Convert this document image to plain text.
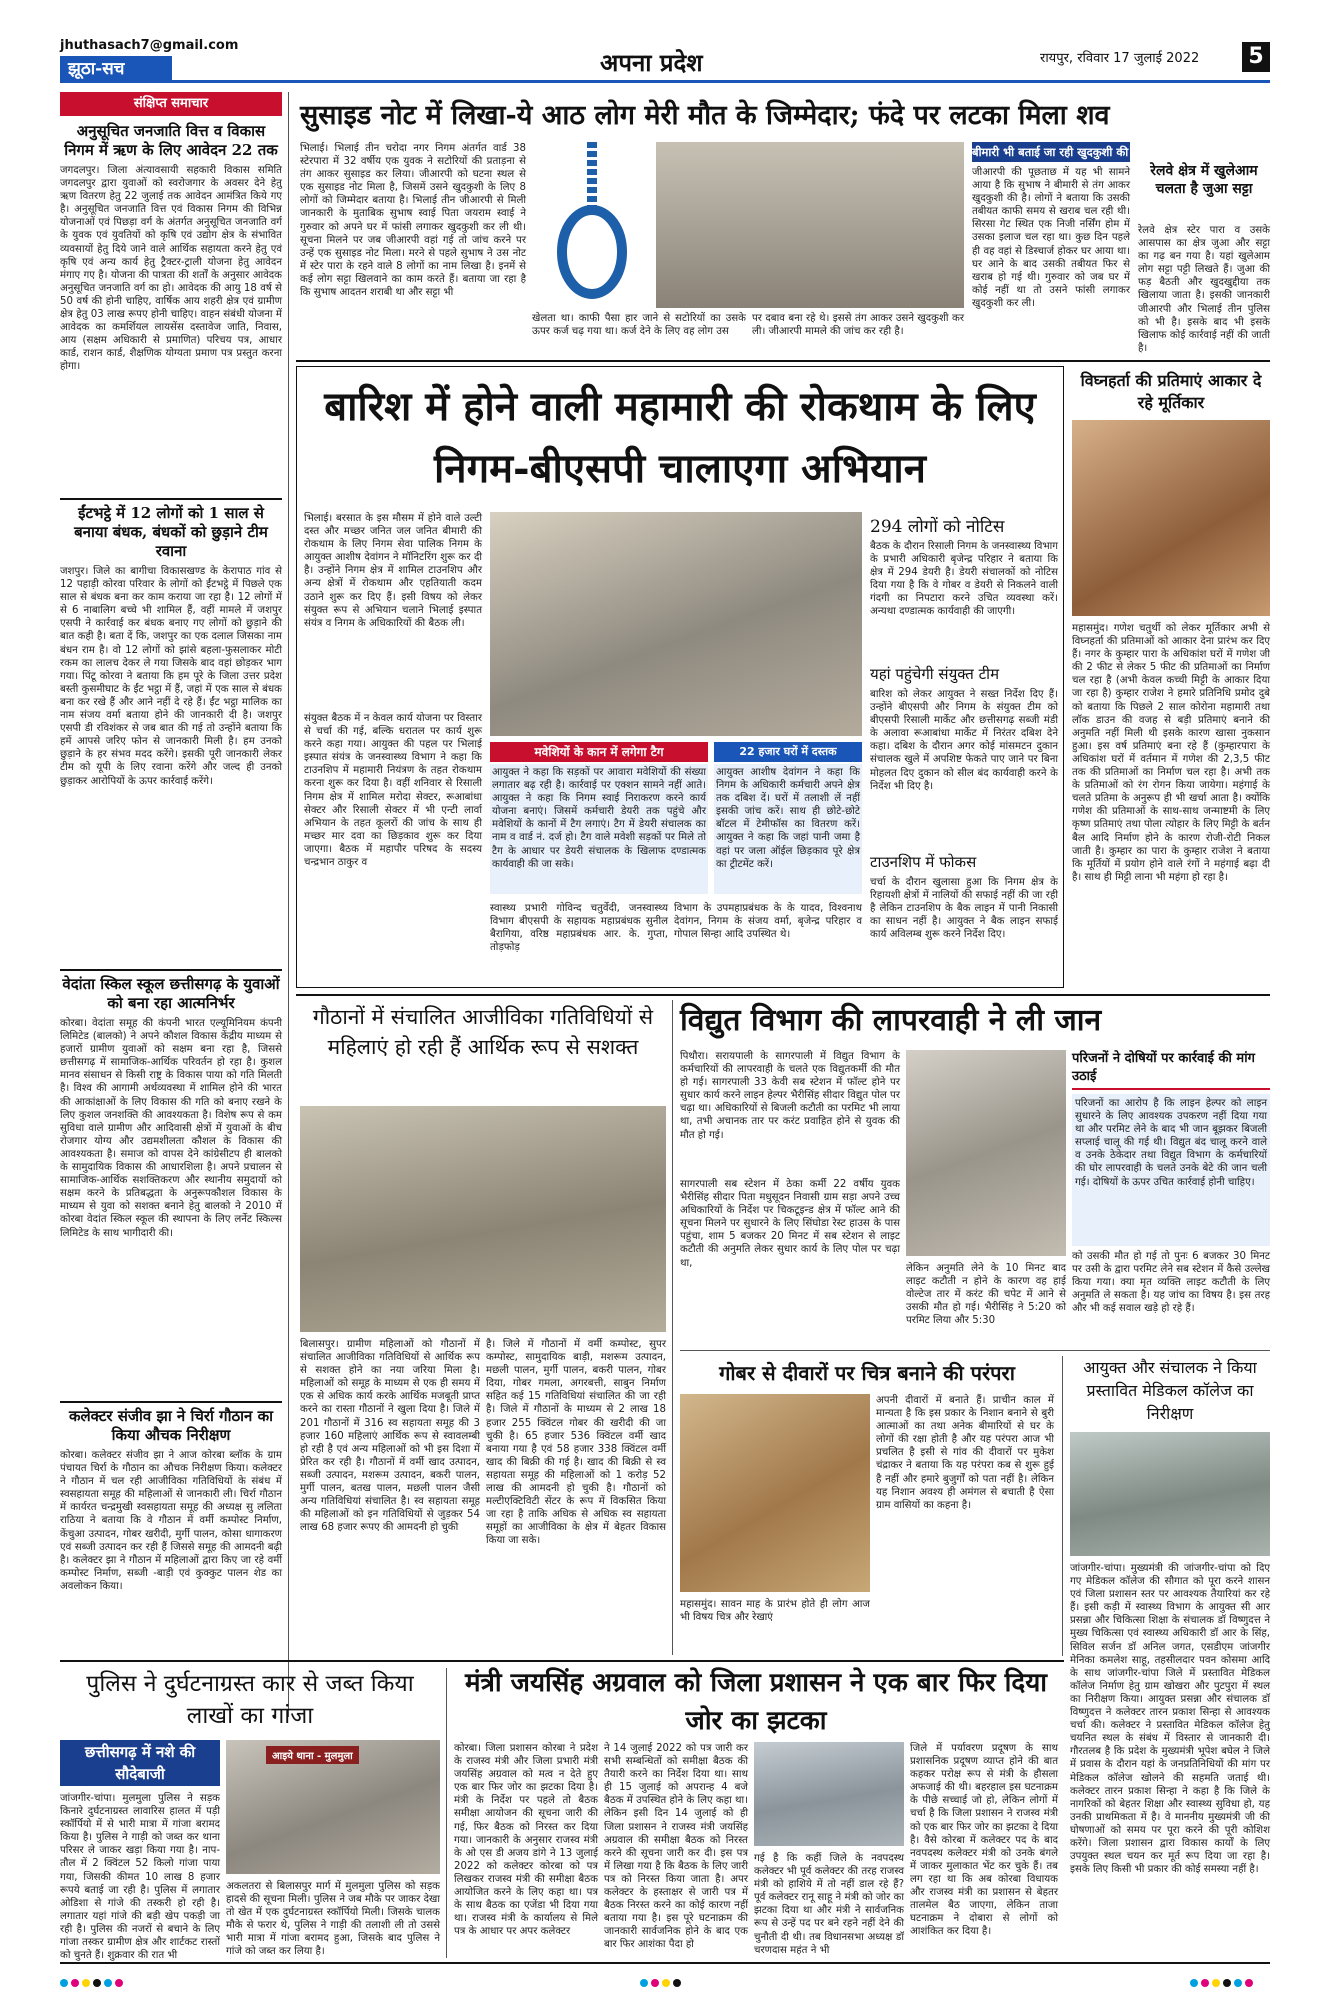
jhuthasach7@gmail.com
झूठा-सच	अपना प्रदेश	रायपुर, रविवार 17 जुलाई 2022 5
संक्षिप्त समाचार
अनुसूचित जनजाति वित्त व विकास निगम में ऋण के लिए आवेदन 22 तक
जगदलपुर। जिला अंत्यावसायी सहकारी विकास समिति जगदलपुर द्वारा युवाओं को स्वरोजगार के अवसर देने हेतु ऋण वितरण हेतु 22 जुलाई तक आवेदन आमंत्रित किये गए है। अनुसूचित जनजाति वित्त एवं विकास निगम की विभिन्न योजनाओं एवं पिछड़ा वर्ग के अंतर्गत अनुसूचित जनजाति वर्ग के युवक एवं युवतियों को कृषि एवं उद्योग क्षेत्र के संभावित व्यवसायों हेतु दिये जाने वाले आर्थिक सहायता करने हेतु एवं कृषि एवं अन्य कार्य हेतु ट्रैक्टर-ट्राली योजना हेतु आवेदन मंगाए गए है। योजना की पात्रता की शर्तों के अनुसार आवेदक अनुसूचित जनजाति वर्ग का हो। आवेदक की आयु 18 वर्ष से 50 वर्ष की होनी चाहिए, वार्षिक आय शहरी क्षेत्र एवं ग्रामीण क्षेत्र हेतु 03 लाख रूपए होनी चाहिए। वाहन संबंधी योजना में आवेदक का कमर्शियल लायसेंस दस्तावेज जाति, निवास, आय (सक्षम अधिकारी से प्रमाणित) परिचय पत्र, आधार कार्ड, राशन कार्ड, शैक्षणिक योग्यता प्रमाण पत्र प्रस्तुत करना होगा।
ईंटभट्ठे में 12 लोगों को 1 साल से बनाया बंधक, बंधकों को छुड़ाने टीम रवाना
जशपुर। जिले का बागीचा विकासखण्ड के केरापाठ गांव से 12 पहाड़ी कोरवा परिवार के लोगों को ईंटभट्ठे में पिछले एक साल से बंधक बना कर काम कराया जा रहा है। 12 लोगों में से 6 नाबालिग बच्चे भी शामिल हैं, वहीं मामले में जशपुर एसपी ने कार्रवाई कर बंधक बनाए गए लोगों को छुड़ाने की बात कही है। बता दें कि, जशपुर का एक दलाल जिसका नाम बंधन राम है। वो 12 लोगों को झांसे बहला-फुसलाकर मोटी रकम का लालच देकर ले गया जिसके बाद वहां छोड़कर भाग गया। पिंटू कोरवा ने बताया कि हम पूरे के जिला उत्तर प्रदेश बस्ती कुसमीघाट के ईंट भट्ठा में हैं, जहां में एक साल से बंधक बना कर रखे हैं और आने नहीं दे रहे हैं। ईंट भट्ठा मालिक का नाम संजय वर्मा बताया होने की जानकारी दी है। जशपुर एसपी डी रविशंकर से जब बात की गई तो उन्होंने बताया कि हमें आपसे जरिए फोन से जानकारी मिली है। हम उनको छुड़ाने के हर संभव मदद करेंगे। इसकी पूरी जानकारी लेकर टीम को यूपी के लिए रवाना करेंगे और जल्द ही उनको छुड़ाकर आरोपियों के ऊपर कार्रवाई करेंगे।
वेदांता स्किल स्कूल छत्तीसगढ़ के युवाओं को बना रहा आत्मनिर्भर
कोरबा। वेदांता समूह की कंपनी भारत एल्यूमिनियम कंपनी लिमिटेड (बालको) ने अपने कौशल विकास केंद्रीय माध्यम से हजारों ग्रामीण युवाओं को सक्षम बना रहा है, जिससे छत्तीसगढ़ में सामाजिक-आर्थिक परिवर्तन हो रहा है। कुशल मानव संसाधन से किसी राष्ट्र के विकास पाया को गति मिलती है। विश्व की आगामी अर्थव्यवस्था में शामिल होने की भारत की आकांक्षाओं के लिए विकास की गति को बनाए रखने के लिए कुशल जनशक्ति की आवश्यकता है। विशेष रूप से कम सुविधा वाले ग्रामीण और आदिवासी क्षेत्रों में युवाओं के बीच रोजगार योग्य और उद्यमशीलता कौशल के विकास की आवश्यकता है। समाज को वापस देने कांग्रेसीटप ही बालको के सामुदायिक विकास की आधारशिला है। अपने प्रचालन से सामाजिक-आर्थिक सशक्तिकरण और स्थानीय समुदायों को सक्षम करने के प्रतिबद्धता के अनुरूपकौशल विकास के माध्यम से युवा को सशक्त बनाने हेतु बालको ने 2010 में कोरबा वेदांत स्किल स्कूल की स्थापना के लिए लर्नेट स्किल्स लिमिटेड के साथ भागीदारी की।
कलेक्टर संजीव झा ने चिर्रा गौठान का किया औचक निरीक्षण
कोरबा। कलेक्टर संजीव झा ने आज कोरबा ब्लॉक के ग्राम पंचायत चिर्रा के गौठान का औचक निरीक्षण किया। कलेक्टर ने गौठान में चल रही आजीविका गतिविधियों के संबंध में स्वसहायता समूह की महिलाओं से जानकारी ली। चिर्रा गौठान में कार्यरत चन्द्रमुखी स्वसहायता समूह की अध्यक्ष सु ललिता राठिया ने बताया कि वे गौठान में वर्मी कम्पोस्ट निर्माण, केंचुआ उत्पादन, गोबर खरीदी, मुर्गी पालन, कोसा धागाकरण एवं सब्जी उत्पादन कर रही हैं जिससे समूह की आमदनी बढ़ी है। कलेक्टर झा ने गौठान में महिलाओं द्वारा किए जा रहे वर्मी कम्पोस्ट निर्माण, सब्जी -बाड़ी एवं कुक्कुट पालन शेड का अवलोकन किया।
सुसाइड नोट में लिखा-ये आठ लोग मेरी मौत के जिम्मेदार; फंदे पर लटका मिला शव
भिलाई। भिलाई तीन चरोदा नगर निगम अंतर्गत वार्ड 38 स्टेरपारा में 32 वर्षीय एक युवक ने सटोरियों की प्रताड़ना से तंग आकर सुसाइड कर लिया। जीआरपी को घटना स्थल से एक सुसाइड नोट मिला है, जिसमें उसने खुदकुशी के लिए 8 लोगों को जिम्मेदार बताया है। भिलाई तीन जीआरपी से मिली जानकारी के मुताबिक सुभाष स्वाई पिता जयराम स्वाई ने गुरुवार को अपने घर में फांसी लगाकर खुदकुशी कर ली थी। सूचना मिलने पर जब जीआरपी वहां गई तो जांच करने पर उन्हें एक सुसाइड नोट मिला। मरने से पहले सुभाष ने उस नोट में स्टेर पारा के रहने वाले 8 लोगों का नाम लिखा है। इनमें से कई लोग सट्टा खिलवाने का काम करते हैं। बताया जा रहा है कि सुभाष आदतन शराबी था और सट्टा भी
खेलता था। काफी पैसा हार जाने से सटोरियों का उसके ऊपर कर्ज चढ़ गया था। कर्ज देने के लिए वह लोग उस
पर दबाव बना रहे थे। इससे तंग आकर उसने खुदकुशी कर ली। जीआरपी मामले की जांच कर रही है।
बीमारी भी बताई जा रही खुदकुशी की वजह
जीआरपी की पूछताछ में यह भी सामने आया है कि सुभाष ने बीमारी से तंग आकर खुदकुशी की है। लोगों ने बताया कि उसकी तबीयत काफी समय से खराब चल रही थी। सिरसा गेट स्थित एक निजी नर्सिंग होम में उसका इलाज चल रहा था। कुछ दिन पहले ही वह वहां से डिस्चार्ज होकर घर आया था। घर आने के बाद उसकी तबीयत फिर से खराब हो गई थी। गुरुवार को जब घर में कोई नहीं था तो उसने फांसी लगाकर खुदकुशी कर ली।
रेलवे क्षेत्र में खुलेआम चलता है जुआ सट्टा
रेलवे क्षेत्र स्टेर पारा व उसके आसपास का क्षेत्र जुआ और सट्टा का गढ़ बन गया है। यहां खुलेआम लोग सट्टा पट्टी लिखते हैं। जुआ की फड़ बैठती और खुदखुद्दीया तक खिलाया जाता है। इसकी जानकारी जीआरपी और भिलाई तीन पुलिस को भी है। इसके बाद भी इसके खिलाफ कोई कार्रवाई नहीं की जाती है।
बारिश में होने वाली महामारी की रोकथाम के लिए निगम-बीएसपी चालाएगा अभियान
भिलाई। बरसात के इस मौसम में होने वाले उल्टी दस्त और मच्छर जनित जल जनित बीमारी की रोकथाम के लिए निगम सेवा पालिक निगम के आयुक्त आशीष देवांगन ने मॉनिटरिंग शुरू कर दी है। उन्होंने निगम क्षेत्र में शामिल टाउनशिप और अन्य क्षेत्रों में रोकथाम और एहतियाती कदम उठाने शुरू कर दिए हैं। इसी विषय को लेकर संयुक्त रूप से अभियान चलाने भिलाई इस्पात संयंत्र व निगम के अधिकारियों की बैठक ली।
संयुक्त बैठक में न केवल कार्य योजना पर विस्तार से चर्चा की गई, बल्कि धरातल पर कार्य शुरू करने कहा गया। आयुक्त की पहल पर भिलाई इस्पात संयंत्र के जनस्वास्थ्य विभाग ने कहा कि टाउनशिप में महामारी नियंत्रण के तहत रोकथाम करना शुरू कर दिया है। वहीं शनिवार से रिसाली निगम क्षेत्र में शामिल मरोदा सेक्टर, रूआबांधा सेक्टर और रिसाली सेक्टर में भी एन्टी लार्वा अभियान के तहत कूलरों की जांच के साथ ही मच्छर मार दवा का छिड़काव शुरू कर दिया जाएगा। बैठक में महापौर परिषद के सदस्य चन्द्रभान ठाकुर व
मवेशियों के कान में लगेगा टैग
आयुक्त ने कहा कि सड़कों पर आवारा मवेशियों की संख्या लगातार बढ़ रही है। कार्रवाई पर एक्शन सामने नहीं आते। आयुक्त ने कहा कि निगम स्वाई निराकरण करने कार्य योजना बनाएं। जिसमें कर्मचारी डेयरी तक पहुंचे और मवेशियों के कानों में टैग लगाएं। टैग में डेयरी संचालक का नाम व वार्ड नं. दर्ज हो। टैग वाले मवेशी सड़कों पर मिले तो टैग के आधार पर डेयरी संचालक के खिलाफ दण्डात्मक कार्यवाही की जा सके।
22 हजार घरों में दस्तक
आयुक्त आशीष देवांगन ने कहा कि निगम के अधिकारी कर्मचारी अपने क्षेत्र तक दबिश दें। घरों में तलाशी लें नहीं इसकी जांच करें। साथ ही छोटे-छोटे बॉटल में टेमीफॉस का वितरण करें। आयुक्त ने कहा कि जहां पानी जमा है वहां पर जला ऑईल छिड़काव पूरे क्षेत्र का ट्रीटमेंट करें।
स्वास्थ्य प्रभारी गोविन्द चतुर्वेदी, जनस्वास्थ्य विभाग बीएसपी के सहायक महाप्रबंधक सुनील बैरागिया, वरिष्ठ महाप्रबंधक आर. के. गुप्ता, तोड़फोड़
विभाग के उपमहाप्रबंधक के के यादव, विश्वनाथ देवांगन, निगम के संजय वर्मा, बृजेन्द्र परिहार व गोपाल सिन्हा आदि उपस्थित थे।
294 लोगों को नोटिस
बैठक के दौरान रिसाली निगम के जनस्वास्थ्य विभाग के प्रभारी अधिकारी बृजेन्द्र परिहार ने बताया कि क्षेत्र में 294 डेयरी है। डेयरी संचालकों को नोटिस दिया गया है कि वे गोबर व डेयरी से निकलने वाली गंदगी का निपटारा करने उचित व्यवस्था करें। अन्यथा दण्डात्मक कार्यवाही की जाएगी।
यहां पहुंचेगी संयुक्त टीम
बारिश को लेकर आयुक्त ने सख्त निर्देश दिए हैं। उन्होंने बीएसपी और निगम के संयुक्त टीम को बीएसपी रिसाली मार्केट और छत्तीसगढ़ सब्जी मंडी के अलावा रूआबांधा मार्केट में निरंतर दबिश देने कहा। दबिश के दौरान अगर कोई मांसमटन दुकान संचालक खुले में अपशिष्ट फेकते पाए जाने पर बिना मोहलत दिए दुकान को सील बंद कार्यवाही करने के निर्देश भी दिए है।
टाउनशिप में फोकस
चर्चा के दौरान खुलासा हुआ कि निगम क्षेत्र के रिहायशी क्षेत्रों में नालियों की सफाई नहीं की जा रही है लेकिन टाउनशिप के बैक लाइन में पानी निकासी का साधन नहीं है। आयुक्त ने बैक लाइन सफाई कार्य अविलम्ब शुरू करने निर्देश दिए।
विघ्नहर्ता की प्रतिमाएं आकार दे रहे मूर्तिकार
महासमुंद। गणेश चतुर्थी को लेकर मूर्तिकार अभी से विघ्नहर्ता की प्रतिमाओं को आकार देना प्रारंभ कर दिए हैं। नगर के कुम्हार पारा के अधिकांश घरों में गणेश जी की 2 फीट से लेकर 5 फीट की प्रतिमाओं का निर्माण चल रहा है (अभी केवल कच्ची मिट्टी के आकार दिया जा रहा है) कुम्हार राजेश ने हमारे प्रतिनिधि प्रमोद दुबे को बताया कि पिछले 2 साल कोरोना महामारी तथा लॉक डाउन की वजह से बड़ी प्रतिमाएं बनाने की अनुमति नहीं मिली थी इसके कारण खासा नुकसान हुआ। इस वर्ष प्रतिमाएं बना रहे हैं (कुम्हारपारा के अधिकांश घरों में वर्तमान में गणेश की 2,3,5 फीट तक की प्रतिमाओं का निर्माण चल रहा है। अभी तक के प्रतिमाओं को रंग रोगन किया जायेगा। महंगाई के चलते प्रतिमा के अनुरूप ही भी खर्चा आता है। क्योंकि गणेश की प्रतिमाओं के साथ-साथ जन्माष्टमी के लिए कृष्ण प्रतिमाएं तथा पोला त्योहार के लिए मिट्टी के बर्तन बैल आदि निर्माण होने के कारण रोजी-रोटी निकल जाती है। कुम्हार का पारा के कुम्हार राजेश ने बताया कि मूर्तियों में प्रयोग होने वाले रंगों ने महंगाई बढ़ा दी है। साथ ही मिट्टी लाना भी महंगा हो रहा है।
गौठानों में संचालित आजीविका गतिविधियों से महिलाएं हो रही हैं आर्थिक रूप से सशक्त
बिलासपुर। ग्रामीण महिलाओं को गौठानों में संचालित आजीविका गतिविधियों से आर्थिक रूप से सशक्त होने का नया जरिया मिला है। महिलाओं को समूह के माध्यम से एक ही समय में एक से अधिक कार्य करके आर्थिक मजबूती प्राप्त करने का रास्ता गौठानों ने खुला दिया है। जिले में 201 गौठानों में 316 स्व सहायता समूह की 3 हजार 160 महिलाएं आर्थिक रूप से स्वावलम्बी हो रही है एवं अन्य महिलाओं को भी इस दिशा में प्रेरित कर रही है। गौठानों में वर्मी खाद उत्पादन, सब्जी उत्पादन, मशरूम उत्पादन, बकरी पालन, मुर्गी पालन, बतख पालन, मछली पालन जैसी अन्य गतिविधियां संचालित है। स्व सहायता समूह की महिलाओं को इन गतिविधियों से जुड़कर 54 लाख 68 हजार रूपए की आमदनी हो चुकी
है। जिले में गौठानों में वर्मी कम्पोस्ट, सुपर कम्पोस्ट, सामुदायिक बाड़ी, मशरूम उत्पादन, मछली पालन, मुर्गी पालन, बकरी पालन, गोबर दिया, गोबर गमला, अगरबत्ती, साबुन निर्माण सहित कई 15 गतिविधियां संचालित की जा रही है। जिले में गौठानों के माध्यम से 2 लाख 18 हजार 255 क्विंटल गोबर की खरीदी की जा चुकी है। 65 हजार 536 क्विंटल वर्मी खाद बनाया गया है एवं 58 हजार 338 क्विंटल वर्मी खाद की बिक्री की गई है। खाद की बिक्री से स्व सहायता समूह की महिलाओं को 1 करोड़ 52 लाख की आमदनी हो चुकी है। गौठानों को मल्टीएक्टिविटी सेंटर के रूप में विकसित किया जा रहा है ताकि अधिक से अधिक स्व सहायता समूहों का आजीविका के क्षेत्र में बेहतर विकास किया जा सके।
विद्युत विभाग की लापरवाही ने ली जान
पिथौरा। सरायपाली के सागरपाली में विद्युत विभाग के कर्मचारियों की लापरवाही के चलते एक विद्युतकर्मी की मौत हो गई। सागरपाली 33 केवी सब स्टेशन में फॉल्ट होने पर सुधार कार्य करने लाइन हेल्पर भैरीसिंह सीदार विद्युत पोल पर चढ़ा था। अधिकारियों से बिजली कटौती का परमिट भी लाया था, तभी अचानक तार पर करंट प्रवाहित होने से युवक की मौत हो गई।
सागरपाली सब स्टेशन में ठेका कर्मी 22 वर्षीय युवक भैरीसिंह सीदार पिता मधुसूदन निवासी ग्राम सड़ा अपने उच्च अधिकारियों के निर्देश पर चिकटूइन्ड क्षेत्र में फॉल्ट आने की सूचना मिलने पर सुधारने के लिए सिंघोडा रेस्ट हाउस के पास पहुंचा, शाम 5 बजकर 20 मिनट में सब स्टेशन से लाइट कटौती की अनुमति लेकर सुधार कार्य के लिए पोल पर चढ़ा था,	लेकिन अनुमति लेने के 10 मिनट बाद लाइट कटौती न होने के कारण वह हाई वोल्टेज तार में करंट की चपेट में आने से उसकी मौत हो गई। भैरीसिंह ने 5:20 को परमिट लिया और 5:30
परिजनों ने दोषियों पर कार्रवाई की मांग उठाई
परिजनों का आरोप है कि लाइन हेल्पर को लाइन सुधारने के लिए आवश्यक उपकरण नहीं दिया गया था और परमिट लेने के बाद भी जान बूझकर बिजली सप्लाई चालू की गई थी। विद्युत बंद चालू करने वाले व उनके ठेकेदार तथा विद्युत विभाग के कर्मचारियों की घोर लापरवाही के चलते उनके बेटे की जान चली गई। दोषियों के ऊपर उचित कार्रवाई होनी चाहिए।
को उसकी मौत हो गई तो पुनः 6 बजकर 30 मिनट पर उसी के द्वारा परमिट लेने सब स्टेशन में कैसे उल्लेख किया गया। क्या मृत व्यक्ति लाइट कटौती के लिए अनुमति ले सकता है। यह जांच का विषय है। इस तरह और भी कई सवाल खड़े हो रहे हैं।
गोबर से दीवारों पर चित्र बनाने की परंपरा
अपनी दीवारों में बनाते हैं। प्राचीन काल में मान्यता है कि इस प्रकार के निशान बनाने से बुरी आत्माओं का तथा अनेक बीमारियों से घर के लोगों की रक्षा होती है और यह परंपरा आज भी प्रचलित है इसी से गांव की दीवारों पर मुकेश चंद्राकर ने बताया कि यह परंपरा कब से शुरू हुई है नहीं और हमारे बुजुर्गों को पता नहीं है। लेकिन यह निशान अवश्य ही अमंगल से बचाती है ऐसा ग्राम वासियों का कहना है।
महासमुंद। सावन माह के प्रारंभ होते ही लोग आज भी विषय चित्र और रेखाएं
आयुक्त और संचालक ने किया प्रस्तावित मेडिकल कॉलेज का निरीक्षण
जांजगीर-चांपा। मुख्यमंत्री की जांजगीर-चांपा को दिए गए मेडिकल कॉलेज की सौगात को पूरा करने शासन एवं जिला प्रशासन स्तर पर आवश्यक तैयारियां कर रहे हैं। इसी कड़ी में स्वास्थ्य विभाग के आयुक्त सी आर प्रसन्ना और चिकित्सा शिक्षा के संचालक डॉ विष्णुदत्त ने मुख्य चिकित्सा एवं स्वास्थ्य अधिकारी डॉ आर के सिंह, सिविल सर्जन डॉ अनिल जगत, एसडीएम जांजगीर मेनिका कमलेश साहू, तहसीलदार पवन कोसमा आदि के साथ जांजगीर-चांपा जिले में प्रस्तावित मेडिकल कॉलेज निर्माण हेतु ग्राम खोखरा और पुटपुरा में स्थल का निरीक्षण किया। आयुक्त प्रसन्ना और संचालक डॉ विष्णुदत्त ने कलेक्टर तारन प्रकाश सिन्हा से आवश्यक चर्चा की। कलेक्टर ने प्रस्तावित मेडिकल कॉलेज हेतु चयनित स्थल के संबंध में विस्तार से जानकारी दी। गौरतलब है कि प्रदेश के मुख्यमंत्री भूपेश बघेल ने जिले में प्रवास के दौरान यहां के जनप्रतिनिधियों की मांग पर मेडिकल कॉलेज खोलने की सहमति जताई थी। कलेक्टर तारन प्रकाश सिन्हा ने कहा है कि जिले के नागरिकों को बेहतर शिक्षा और स्वास्थ्य सुविधा हो, यह उनकी प्राथमिकता में है। वे माननीय मुख्यमंत्री जी की घोषणाओं को समय पर पूरा करने की पूरी कोशिश करेंगे। जिला प्रशासन द्वारा विकास कार्यों के लिए उपयुक्त स्थल चयन कर मूर्त रूप दिया जा रहा है। इसके लिए किसी भी प्रकार की कोई समस्या नहीं है।
पुलिस ने दुर्घटनाग्रस्त कार से जब्त किया लाखों का गांजा
छत्तीसगढ़ में नशे की सौदेबाजी
आइये थाना - मुलमुला
जांजगीर-चांपा। मुलमुला पुलिस ने सड़क किनारे दुर्घटनाग्रस्त लावारिस हालत में पड़ी स्कॉर्पियो में से भारी मात्रा में गांजा बरामद किया है। पुलिस ने गाड़ी को जब्त कर थाना परिसर ले जाकर खड़ा किया गया है। नाप-तौल में 2 क्विंटल 52 किलो गांजा पाया गया, जिसकी कीमत 10 लाख 8 हजार रूपये बताई जा रही है। पुलिस में लगातार ओडिशा से गांजे की तस्करी हो रही है। लगातार यहां गांजे की बड़ी खेप पकड़ी जा रही है। पुलिस की नजरों से बचाने के लिए गांजा तस्कर ग्रामीण क्षेत्र और शार्टकट रास्तों को चुनते हैं। शुक्रवार की रात भी
अकलतरा से बिलासपुर मार्ग में मुलमुला पुलिस को सड़क हादसे की सूचना मिली। पुलिस ने जब मौके पर जाकर देखा तो खेत में एक दुर्घटनाग्रस्त स्कॉर्पियो मिली। जिसके चालक मौके से फरार थे, पुलिस ने गाड़ी की तलाशी ली तो उससे भारी मात्रा में गांजा बरामद हुआ, जिसके बाद पुलिस ने गांजे को जब्त कर लिया है।
मंत्री जयसिंह अग्रवाल को जिला प्रशासन ने एक बार फिर दिया जोर का झटका
कोरबा। जिला प्रशासन कोरबा ने प्रदेश के राजस्व मंत्री और जिला प्रभारी मंत्री जयसिंह अग्रवाल को मत्व न देते हुए एक बार फिर जोर का झटका दिया है। मंत्री के निर्देश पर पहले तो बैठक समीक्षा आयोजन की सूचना जारी की गई, फिर बैठक को निरस्त कर दिया गया। जानकारी के अनुसार राजस्व मंत्री के ओ एस डी अजय डांगे ने 13 जुलाई 2022 को कलेक्टर कोरबा को पत्र लिखकर राजस्व मंत्री की समीक्षा बैठक आयोजित करने के लिए कहा था। पत्र के साथ बैठक का एजेंडा भी दिया गया था। राजस्व मंत्री के कार्यालय से मिले पत्र के आधार पर अपर कलेक्टर
ने 14 जुलाई 2022 को पत्र जारी कर सभी सम्बन्धितों को समीक्षा बैठक की तैयारी करने का निर्देश दिया था। साथ ही 15 जुलाई को अपरान्ह 4 बजे बैठक में उपस्थित होने के लिए कहा था। लेकिन इसी दिन 14 जुलाई को ही जिला प्रशासन ने राजस्व मंत्री जयसिंह अग्रवाल की समीक्षा बैठक को निरस्त करने की सूचना जारी कर दी। इस पत्र में लिखा गया है कि बैठक के लिए जारी पत्र को निरस्त किया जाता है। अपर कलेक्टर के हस्ताक्षर से जारी पत्र में बैठक निरस्त करने का कोई कारण नहीं बताया गया है। इस पूरे घटनाक्रम की जानकारी सार्वजनिक होने के बाद एक बार फिर आशंका पैदा हो
गई है कि कहीं जिले के नवपदस्थ कलेक्टर भी पूर्व कलेक्टर की तरह राजस्व मंत्री को हाशिये में तो नहीं डाल रहे हैं? पूर्व कलेक्टर रानू साहू ने मंत्री को जोर का झटका दिया था और मंत्री ने सार्वजनिक रूप से उन्हें पद पर बने रहने नहीं देने की चुनौती दी थी। तब विधानसभा अध्यक्ष डॉ चरणदास महंत ने भी
जिले में पर्यावरण प्रदूषण के साथ प्रशासनिक प्रदूषण व्याप्त होने की बात कहकर परोक्ष रूप से मंत्री के हौसला अफजाई की थी। बहरहाल इस घटनाक्रम के पीछे सच्चाई जो हो, लेकिन लोगों में चर्चा है कि जिला प्रशासन ने राजस्व मंत्री को एक बार फिर जोर का झटका दे दिया है। वैसे कोरबा में कलेक्टर पद के बाद नवपदस्थ कलेक्टर मंत्री को उनके बंगले में जाकर मुलाकात भेंट कर चुके हैं। तब लग रहा था कि अब कोरबा विधायक और राजस्व मंत्री का प्रशासन से बेहतर तालमेल बैठ जाएगा, लेकिन ताजा घटनाक्रम ने दोबारा से लोगों को आशंकित कर दिया है।
